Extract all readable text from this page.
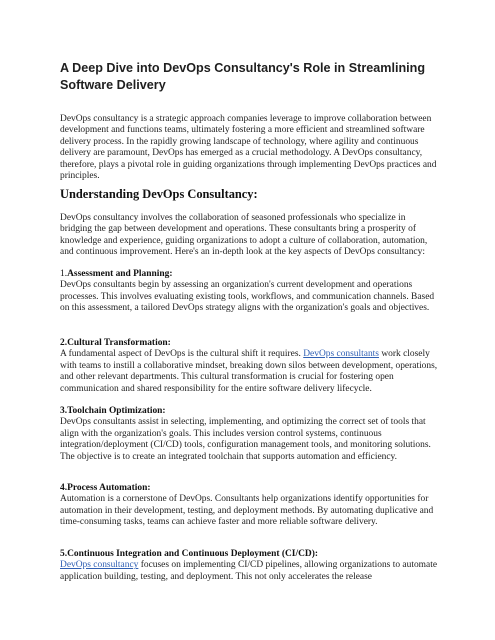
A Deep Dive into DevOps Consultancy's Role in Streamlining Software Delivery

DevOps consultancy is a strategic approach companies leverage to improve collaboration between development and functions teams, ultimately fostering a more efficient and streamlined software delivery process. In the rapidly growing landscape of technology, where agility and continuous delivery are paramount, DevOps has emerged as a crucial methodology. A DevOps consultancy, therefore, plays a pivotal role in guiding organizations through implementing DevOps practices and principles.

Understanding DevOps Consultancy:

DevOps consultancy involves the collaboration of seasoned professionals who specialize in bridging the gap between development and operations. These consultants bring a prosperity of knowledge and experience, guiding organizations to adopt a culture of collaboration, automation, and continuous improvement. Here's an in-depth look at the key aspects of DevOps consultancy:

1.Assessment and Planning:
DevOps consultants begin by assessing an organization's current development and operations processes. This involves evaluating existing tools, workflows, and communication channels. Based on this assessment, a tailored DevOps strategy aligns with the organization's goals and objectives.
2.Cultural Transformation:
A fundamental aspect of DevOps is the cultural shift it requires. DevOps consultants work closely with teams to instill a collaborative mindset, breaking down silos between development, operations, and other relevant departments. This cultural transformation is crucial for fostering open communication and shared responsibility for the entire software delivery lifecycle.
3.Toolchain Optimization:
DevOps consultants assist in selecting, implementing, and optimizing the correct set of tools that align with the organization's goals. This includes version control systems, continuous integration/deployment (CI/CD) tools, configuration management tools, and monitoring solutions. The objective is to create an integrated toolchain that supports automation and efficiency.
4.Process Automation:
Automation is a cornerstone of DevOps. Consultants help organizations identify opportunities for automation in their development, testing, and deployment methods. By automating duplicative and time-consuming tasks, teams can achieve faster and more reliable software delivery.
5.Continuous Integration and Continuous Deployment (CI/CD):
DevOps consultancy focuses on implementing CI/CD pipelines, allowing organizations to automate application building, testing, and deployment. This not only accelerates the release
